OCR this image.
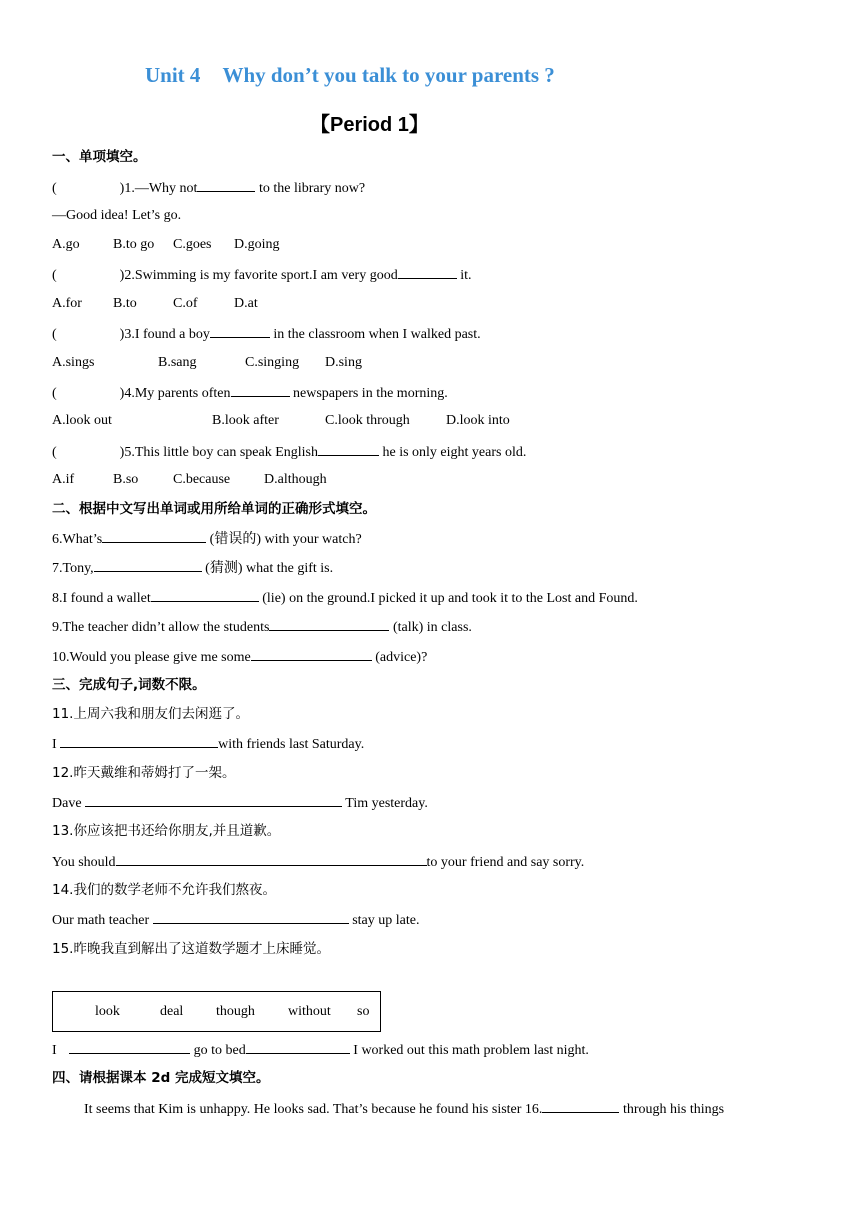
Unit 4 Why don’t you talk to your parents ?
【Period 1】
一、单项填空。
(	)1.—Why not	to the library now?
—Good idea! Let’s go.
A.go B.to go C.goes D.going
(	)2.Swimming is my favorite sport.I am very good	it.
A.for B.to	C.of	D.at
(	)3.I found a boy	in the classroom when I walked past.
A.sings	B.sang	C.singing D.sing
(	)4.My parents often	newspapers in the morning.
A.look out	B.look after	C.look through	D.look into
(	)5.This little boy can speak English	he is only eight years old.
A.if	B.so C.because D.although
二、根据中文写出单词或用所给单词的正确形式填空。
6.What’s	(错误的) with your watch?
7.Tony,	(猜测) what the gift is.
8.I found a wallet	(lie) on the ground.I picked it up and took it to the Lost and Found.
9.The teacher didn’t allow the students	(talk) in class.
10.Would you please give me some	(advice)?
三、完成句子,词数不限。
11.上周六我和朋友们去闲逛了。
I	with friends last Saturday.
12.昨天戴维和蒂姆打了一架。
Dave	Tim yesterday.
13.你应该把书还给你朋友,并且道歉。
You should	to your friend and say sorry.
14.我们的数学老师不允许我们熬夜。
Our math teacher	stay up late.
15.昨晚我直到解出了这道数学题才上床睡觉。
look	deal though without so
I	go to bed	I worked out this math problem last night.
四、请根据课本 2d 完成短文填空。
It seems that Kim is unhappy. He looks sad. That’s because he found his sister 16.	through his things
